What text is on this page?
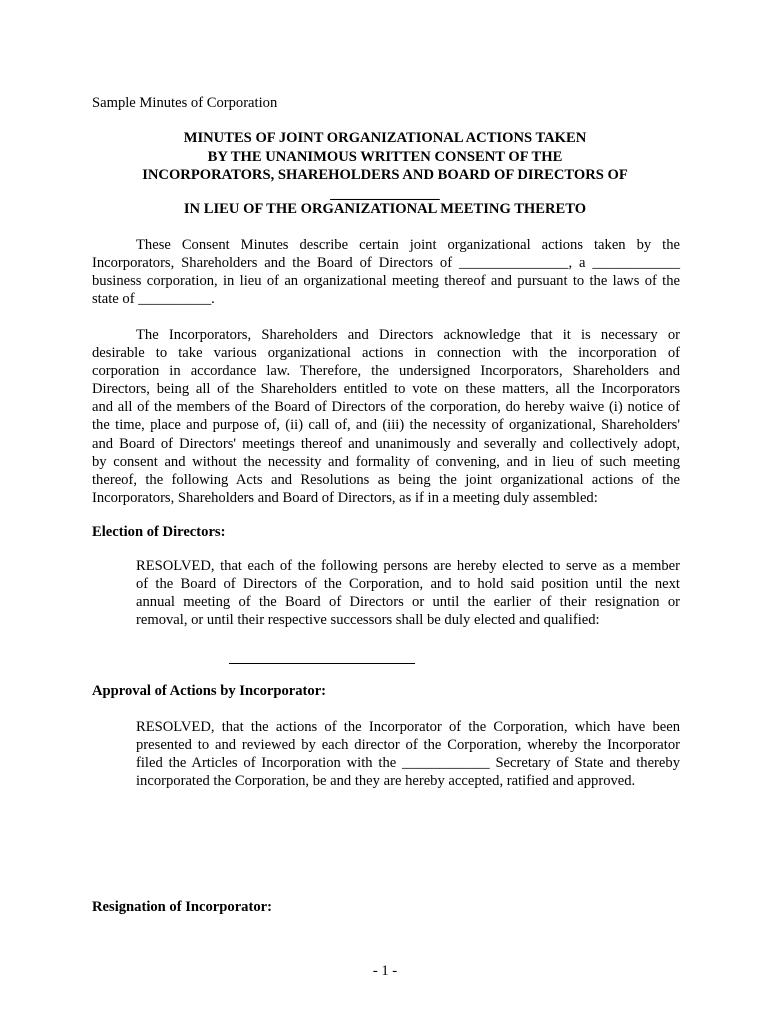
Sample Minutes of Corporation

MINUTES OF JOINT ORGANIZATIONAL ACTIONS TAKEN
BY THE UNANIMOUS WRITTEN CONSENT OF THE
INCORPORATORS, SHAREHOLDERS AND BOARD OF DIRECTORS OF
_______________

IN LIEU OF THE ORGANIZATIONAL MEETING THERETO

These Consent Minutes describe certain joint organizational actions taken by the
Incorporators, Shareholders and the Board of Directors of _______________, a ____________
business corporation, in lieu of an organizational meeting thereof and pursuant to the laws of the
state of __________.
The Incorporators, Shareholders and Directors acknowledge that it is necessary or
desirable to take various organizational actions in connection with the incorporation of
corporation in accordance law. Therefore, the undersigned Incorporators, Shareholders and
Directors, being all of the Shareholders entitled to vote on these matters, all the Incorporators
and all of the members of the Board of Directors of the corporation, do hereby waive (i) notice of
the time, place and purpose of, (ii) call of, and (iii) the necessity of organizational, Shareholders'
and Board of Directors' meetings thereof and unanimously and severally and collectively adopt,
by consent and without the necessity and formality of convening, and in lieu of such meeting
thereof, the following Acts and Resolutions as being the joint organizational actions of the
Incorporators, Shareholders and Board of Directors, as if in a meeting duly assembled:

Election of Directors:

RESOLVED, that each of the following persons are hereby elected to serve as a member
of the Board of Directors of the Corporation, and to hold said position until the next
annual meeting of the Board of Directors or until the earlier of their resignation or
removal, or until their respective successors shall be duly elected and qualified:

Approval of Actions by Incorporator:

RESOLVED, that the actions of the Incorporator of the Corporation, which have been
presented to and reviewed by each director of the Corporation, whereby the Incorporator
filed the Articles of Incorporation with the ____________ Secretary of State and thereby
incorporated the Corporation, be and they are hereby accepted, ratified and approved.

Resignation of Incorporator:

- 1 -
